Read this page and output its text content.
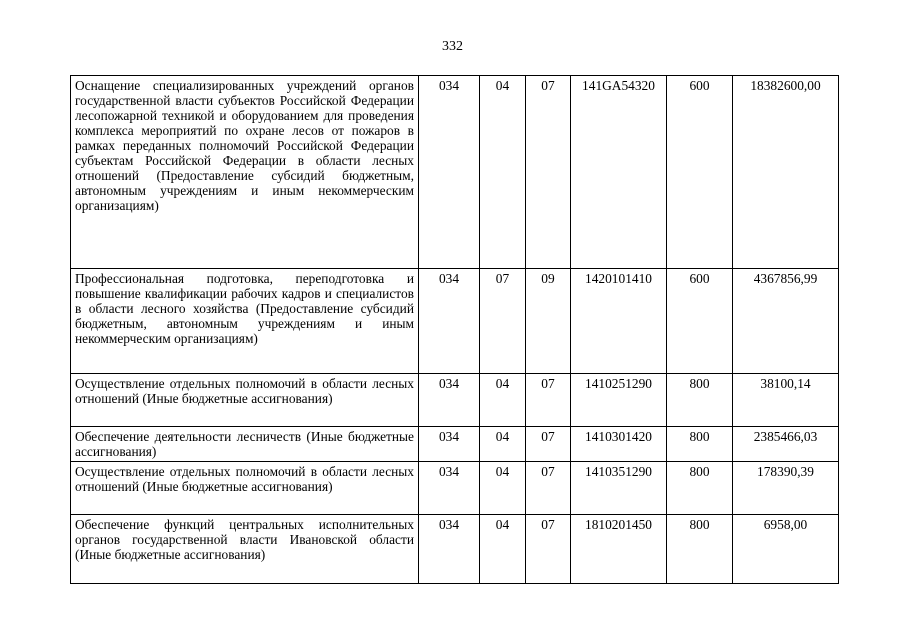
332
Оснащение специализированных учреждений органов государственной власти субъектов Российской Федерации лесопожарной техникой и оборудованием для проведения комплекса мероприятий по охране лесов от пожаров в рамках переданных полномочий Российской Федерации субъектам Российской Федерации в области лесных отношений (Предоставление субсидий бюджетным, автономным учреждениям и иным некоммерческим организациям)	034	04	07	141GA54320	600	18382600,00
Профессиональная подготовка, переподготовка и повышение квалификации рабочих кадров и специалистов в области лесного хозяйства (Предоставление субсидий бюджетным, автономным учреждениям и иным некоммерческим организациям)	034	07	09	1420101410	600	4367856,99
Осуществление отдельных полномочий в области лесных отношений (Иные бюджетные ассигнования)	034	04	07	1410251290	800	38100,14
Обеспечение деятельности лесничеств (Иные бюджетные ассигнования)	034	04	07	1410301420	800	2385466,03
Осуществление отдельных полномочий в области лесных отношений (Иные бюджетные ассигнования)	034	04	07	1410351290	800	178390,39
Обеспечение функций центральных исполнительных органов государственной власти Ивановской области (Иные бюджетные ассигнования)	034	04	07	1810201450	800	6958,00
